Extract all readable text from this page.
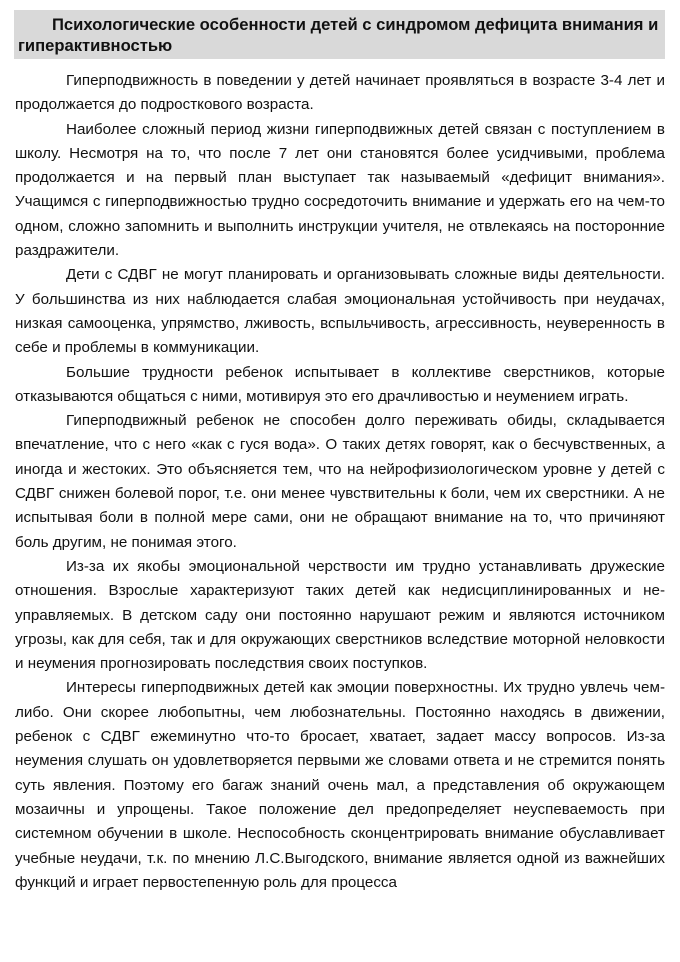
Психологические особенности детей с синдромом дефицита внимания и гиперактивностью

Гиперподвижность в поведении у детей начинает проявляться в возрасте 3-4 лет и продолжается до подросткового возраста.

Наиболее сложный период жизни гиперподвижных детей связан с поступлением в школу. Несмотря на то, что после 7 лет они становятся более усидчивыми, проблема продолжается и на первый план выступает так называемый «дефицит внимания». Учащимся с гиперподвижностью трудно сосредоточить внимание и удержать его на чем-то одном, сложно запомнить и выполнить инструкции учителя, не отвлекаясь на посторонние раздражители.

Дети с СДВГ не могут планировать и организовывать сложные виды деятельности. У большинства из них наблюдается слабая эмоциональная устойчивость при неудачах, низкая самооценка, упрямство, лживость, вспыльчивость, агрессивность, неуверенность в себе и проблемы в коммуникации.

Большие трудности ребенок испытывает в коллективе сверстников, которые отказываются общаться с ними, мотивируя это его драчливостью и неумением играть.

Гиперподвижный ребенок не способен долго переживать обиды, складывается впечатление, что с него «как с гуся вода». О таких детях говорят, как о бесчувственных, а иногда и жестоких. Это объясняется тем, что на нейрофизиологическом уровне у детей с СДВГ снижен болевой порог, т.е. они менее чувствительны к боли, чем их сверстники. А не испытывая боли в полной мере сами, они не обращают внимание на то, что причиняют боль другим, не понимая этого.

Из-за их якобы эмоциональной черствости им трудно устанавливать дружеские отношения. Взрослые характеризуют таких детей как недисциплинированных и неуправляемых. В детском саду они постоянно нарушают режим и являются источником угрозы, как для себя, так и для окружающих сверстников вследствие моторной неловкости и неумения прогнозировать последствия своих поступков.

Интересы гиперподвижных детей как эмоции поверхностны. Их трудно увлечь чем-либо. Они скорее любопытны, чем любознательны. Постоянно находясь в движении, ребенок с СДВГ ежеминутно что-то бросает, хватает, задает массу вопросов. Из-за неумения слушать он удовлетворяется первыми же словами ответа и не стремится понять суть явления. Поэтому его багаж знаний очень мал, а представления об окружающем мозаичны и упрощены. Такое положение дел предопределяет неуспеваемость при системном обучении в школе. Неспособность сконцентрировать внимание обуславливает учебные неудачи, т.к. по мнению Л.С.Выгодского, внимание является одной из важнейших функций и играет первостепенную роль для процесса
